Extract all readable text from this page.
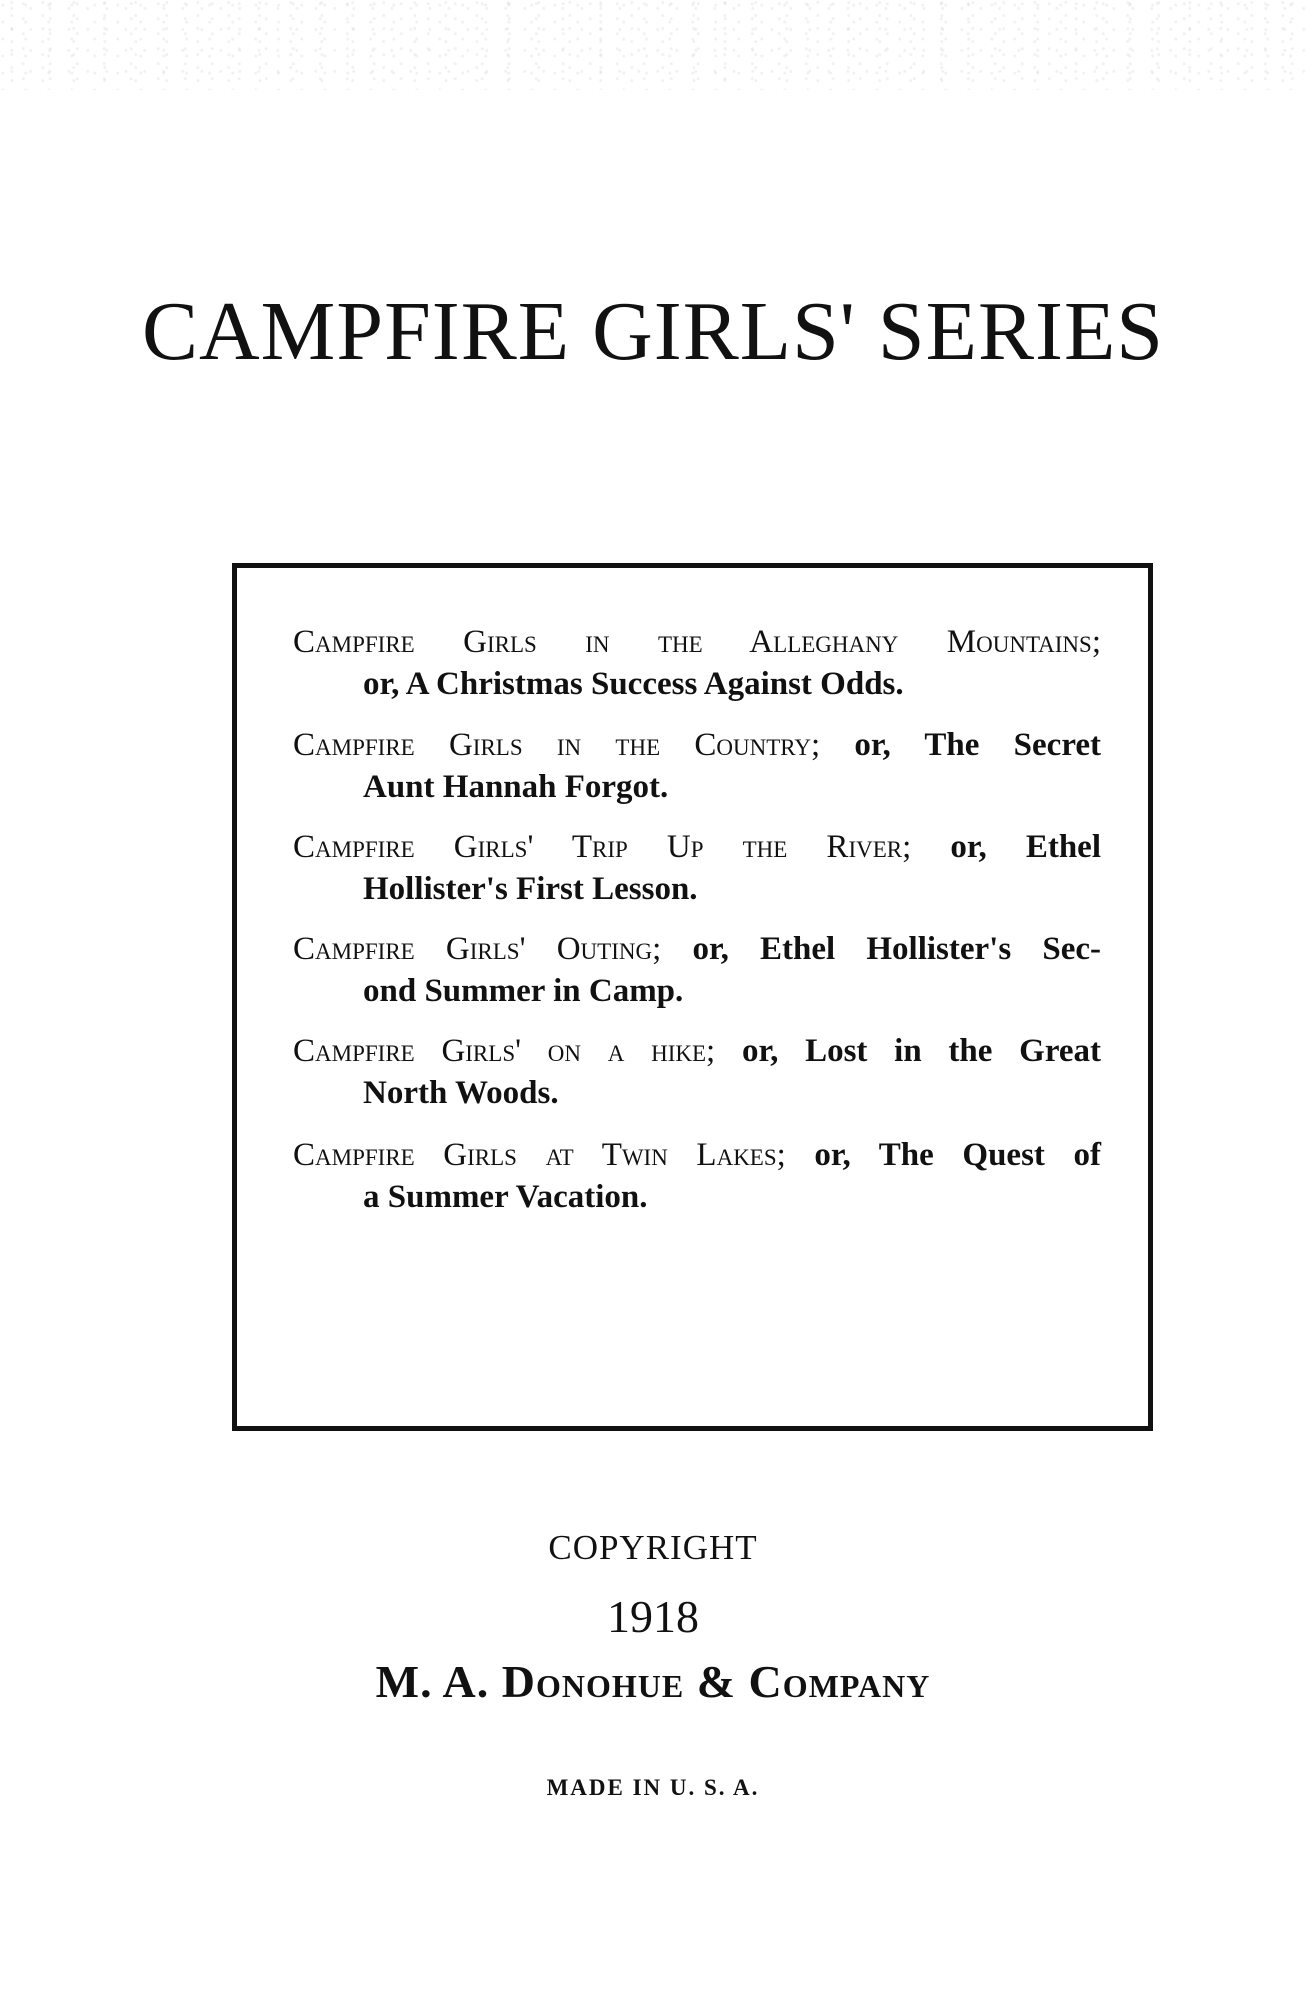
CAMPFIRE GIRLS' SERIES
Campfire Girls in the Alleghany Mountains;
or, A Christmas Success Against Odds.
Campfire Girls in the Country; or, The Secret
Aunt Hannah Forgot.
Campfire Girls' Trip Up the River; or, Ethel
Hollister's First Lesson.
Campfire Girls' Outing; or, Ethel Hollister's Sec-
ond Summer in Camp.
Campfire Girls' on a hike; or, Lost in the Great
North Woods.
Campfire Girls at Twin Lakes; or, The Quest of
a Summer Vacation.
COPYRIGHT
1918
M. A. Donohue & Company
MADE IN U. S. A.
